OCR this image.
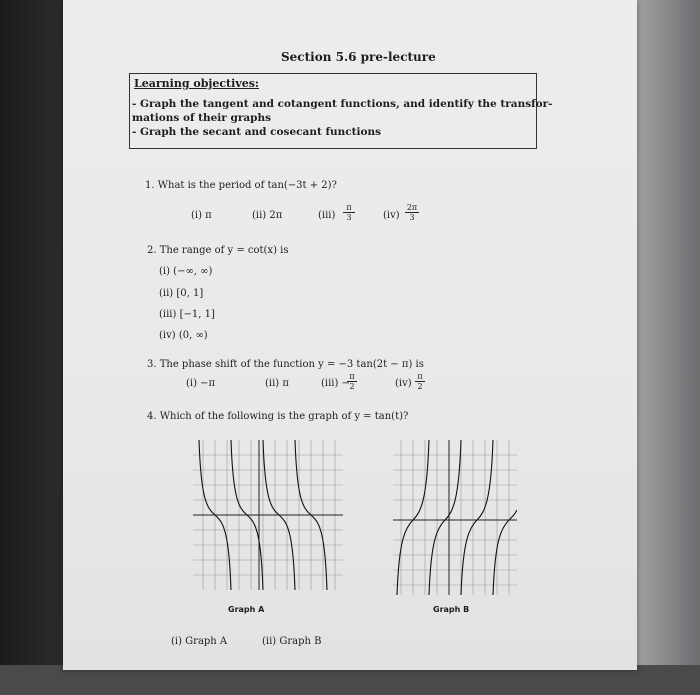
Section 5.6 pre-lecture
Learning objectives:
- Graph the tangent and cotangent functions, and identify the transfor-
mations of their graphs
- Graph the secant and cosecant functions
1. What is the period of tan(−3t + 2)?
(i) π	(ii) 2π	(iii)
π
3	(iv)
2π
3
2. The range of y = cot(x) is
(i) (−∞, ∞)
(ii) [0, 1]
(iii) [−1, 1]
(iv) (0, ∞)
3. The phase shift of the function y = −3 tan(2t − π) is
(i) −π	(ii) π	(iii) −
π
2	(iv)
π
2
4. Which of the following is the graph of y = tan(t)?
Graph A	Graph B
(i) Graph A	(ii) Graph B
